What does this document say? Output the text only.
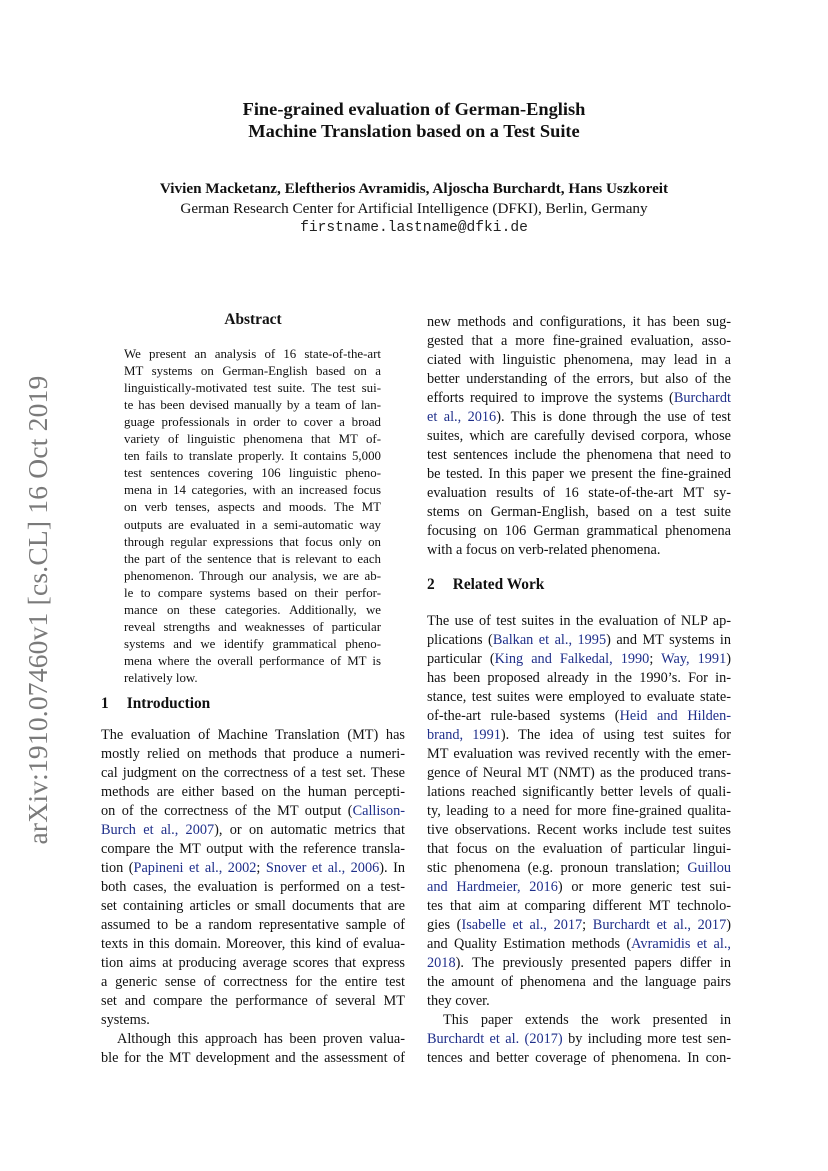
arXiv:1910.07460v1 [cs.CL] 16 Oct 2019
Fine-grained evaluation of German-English
Machine Translation based on a Test Suite
Vivien Macketanz, Eleftherios Avramidis, Aljoscha Burchardt, Hans Uszkoreit
German Research Center for Artificial Intelligence (DFKI), Berlin, Germany
firstname.lastname@dfki.de
Abstract
We present an analysis of 16 state-of-the-art
MT systems on German-English based on a
linguistically-motivated test suite. The test sui-
te has been devised manually by a team of lan-
guage professionals in order to cover a broad
variety of linguistic phenomena that MT of-
ten fails to translate properly. It contains 5,000
test sentences covering 106 linguistic pheno-
mena in 14 categories, with an increased focus
on verb tenses, aspects and moods. The MT
outputs are evaluated in a semi-automatic way
through regular expressions that focus only on
the part of the sentence that is relevant to each
phenomenon. Through our analysis, we are ab-
le to compare systems based on their perfor-
mance on these categories. Additionally, we
reveal strengths and weaknesses of particular
systems and we identify grammatical pheno-
mena where the overall performance of MT is
relatively low.
1 Introduction
The evaluation of Machine Translation (MT) has
mostly relied on methods that produce a numeri-
cal judgment on the correctness of a test set. These
methods are either based on the human percepti-
on of the correctness of the MT output (Callison-
Burch et al., 2007), or on automatic metrics that
compare the MT output with the reference transla-
tion (Papineni et al., 2002; Snover et al., 2006). In
both cases, the evaluation is performed on a test-
set containing articles or small documents that are
assumed to be a random representative sample of
texts in this domain. Moreover, this kind of evalua-
tion aims at producing average scores that express
a generic sense of correctness for the entire test
set and compare the performance of several MT
systems.
Although this approach has been proven valua-
ble for the MT development and the assessment of
new methods and configurations, it has been sug-
gested that a more fine-grained evaluation, asso-
ciated with linguistic phenomena, may lead in a
better understanding of the errors, but also of the
efforts required to improve the systems (Burchardt
et al., 2016). This is done through the use of test
suites, which are carefully devised corpora, whose
test sentences include the phenomena that need to
be tested. In this paper we present the fine-grained
evaluation results of 16 state-of-the-art MT sy-
stems on German-English, based on a test suite
focusing on 106 German grammatical phenomena
with a focus on verb-related phenomena.
2 Related Work
The use of test suites in the evaluation of NLP ap-
plications (Balkan et al., 1995) and MT systems in
particular (King and Falkedal, 1990; Way, 1991)
has been proposed already in the 1990’s. For in-
stance, test suites were employed to evaluate state-
of-the-art rule-based systems (Heid and Hilden-
brand, 1991). The idea of using test suites for
MT evaluation was revived recently with the emer-
gence of Neural MT (NMT) as the produced trans-
lations reached significantly better levels of quali-
ty, leading to a need for more fine-grained qualita-
tive observations. Recent works include test suites
that focus on the evaluation of particular lingui-
stic phenomena (e.g. pronoun translation; Guillou
and Hardmeier, 2016) or more generic test sui-
tes that aim at comparing different MT technolo-
gies (Isabelle et al., 2017; Burchardt et al., 2017)
and Quality Estimation methods (Avramidis et al.,
2018). The previously presented papers differ in
the amount of phenomena and the language pairs
they cover.
This paper extends the work presented in
Burchardt et al. (2017) by including more test sen-
tences and better coverage of phenomena. In con-
